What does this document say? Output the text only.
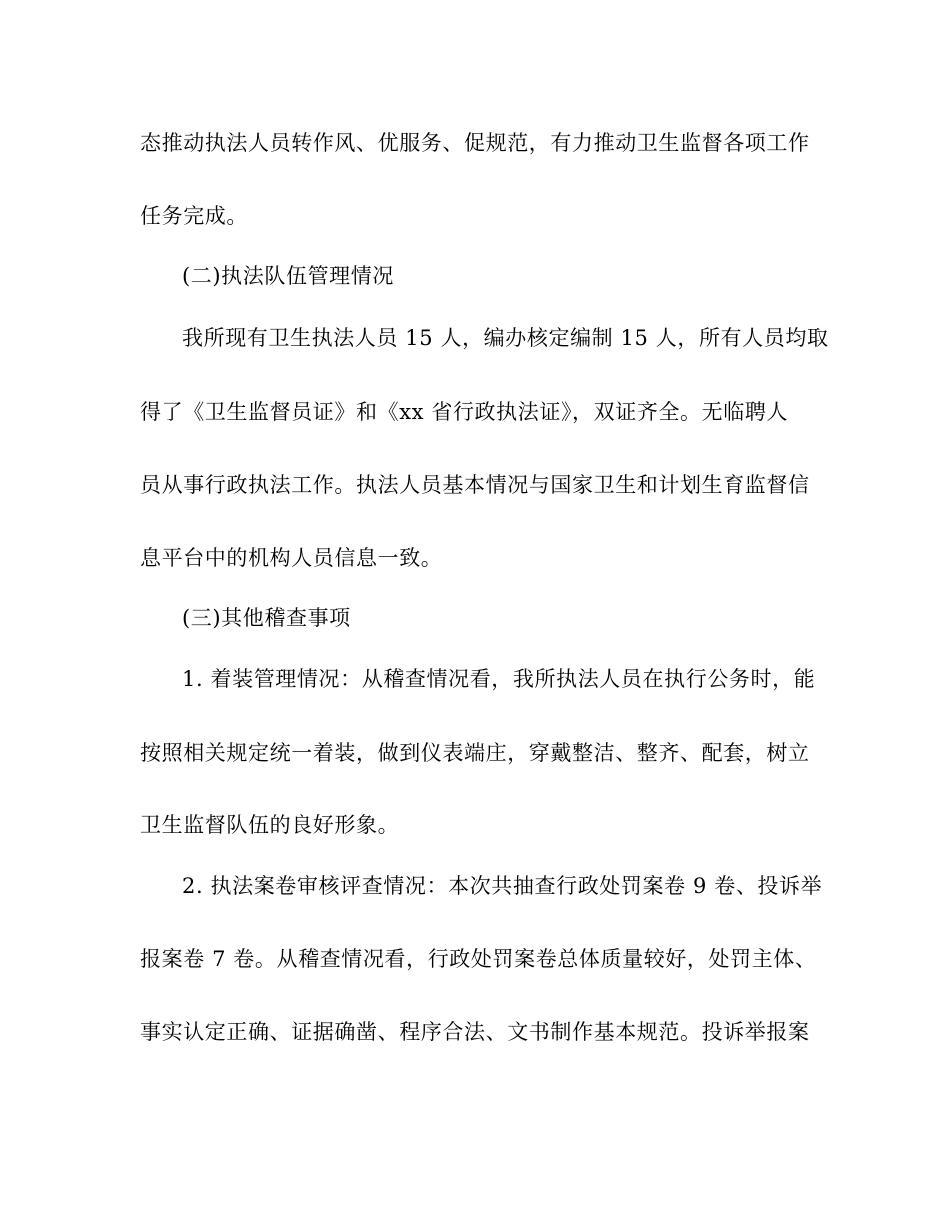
态推动执法人员转作风、优服务、促规范，有力推动卫生监督各项工作
任务完成。
(二)执法队伍管理情况
我所现有卫生执法人员 15 人，编办核定编制 15 人，所有人员均取
得了《卫生监督员证》和《xx 省行政执法证》，双证齐全。无临聘人
员从事行政执法工作。执法人员基本情况与国家卫生和计划生育监督信
息平台中的机构人员信息一致。
(三)其他稽查事项
1. 着装管理情况：从稽查情况看，我所执法人员在执行公务时，能
按照相关规定统一着装，做到仪表端庄，穿戴整洁、整齐、配套，树立
卫生监督队伍的良好形象。
2. 执法案卷审核评查情况：本次共抽查行政处罚案卷 9 卷、投诉举
报案卷 7 卷。从稽查情况看，行政处罚案卷总体质量较好，处罚主体、
事实认定正确、证据确凿、程序合法、文书制作基本规范。投诉举报案
